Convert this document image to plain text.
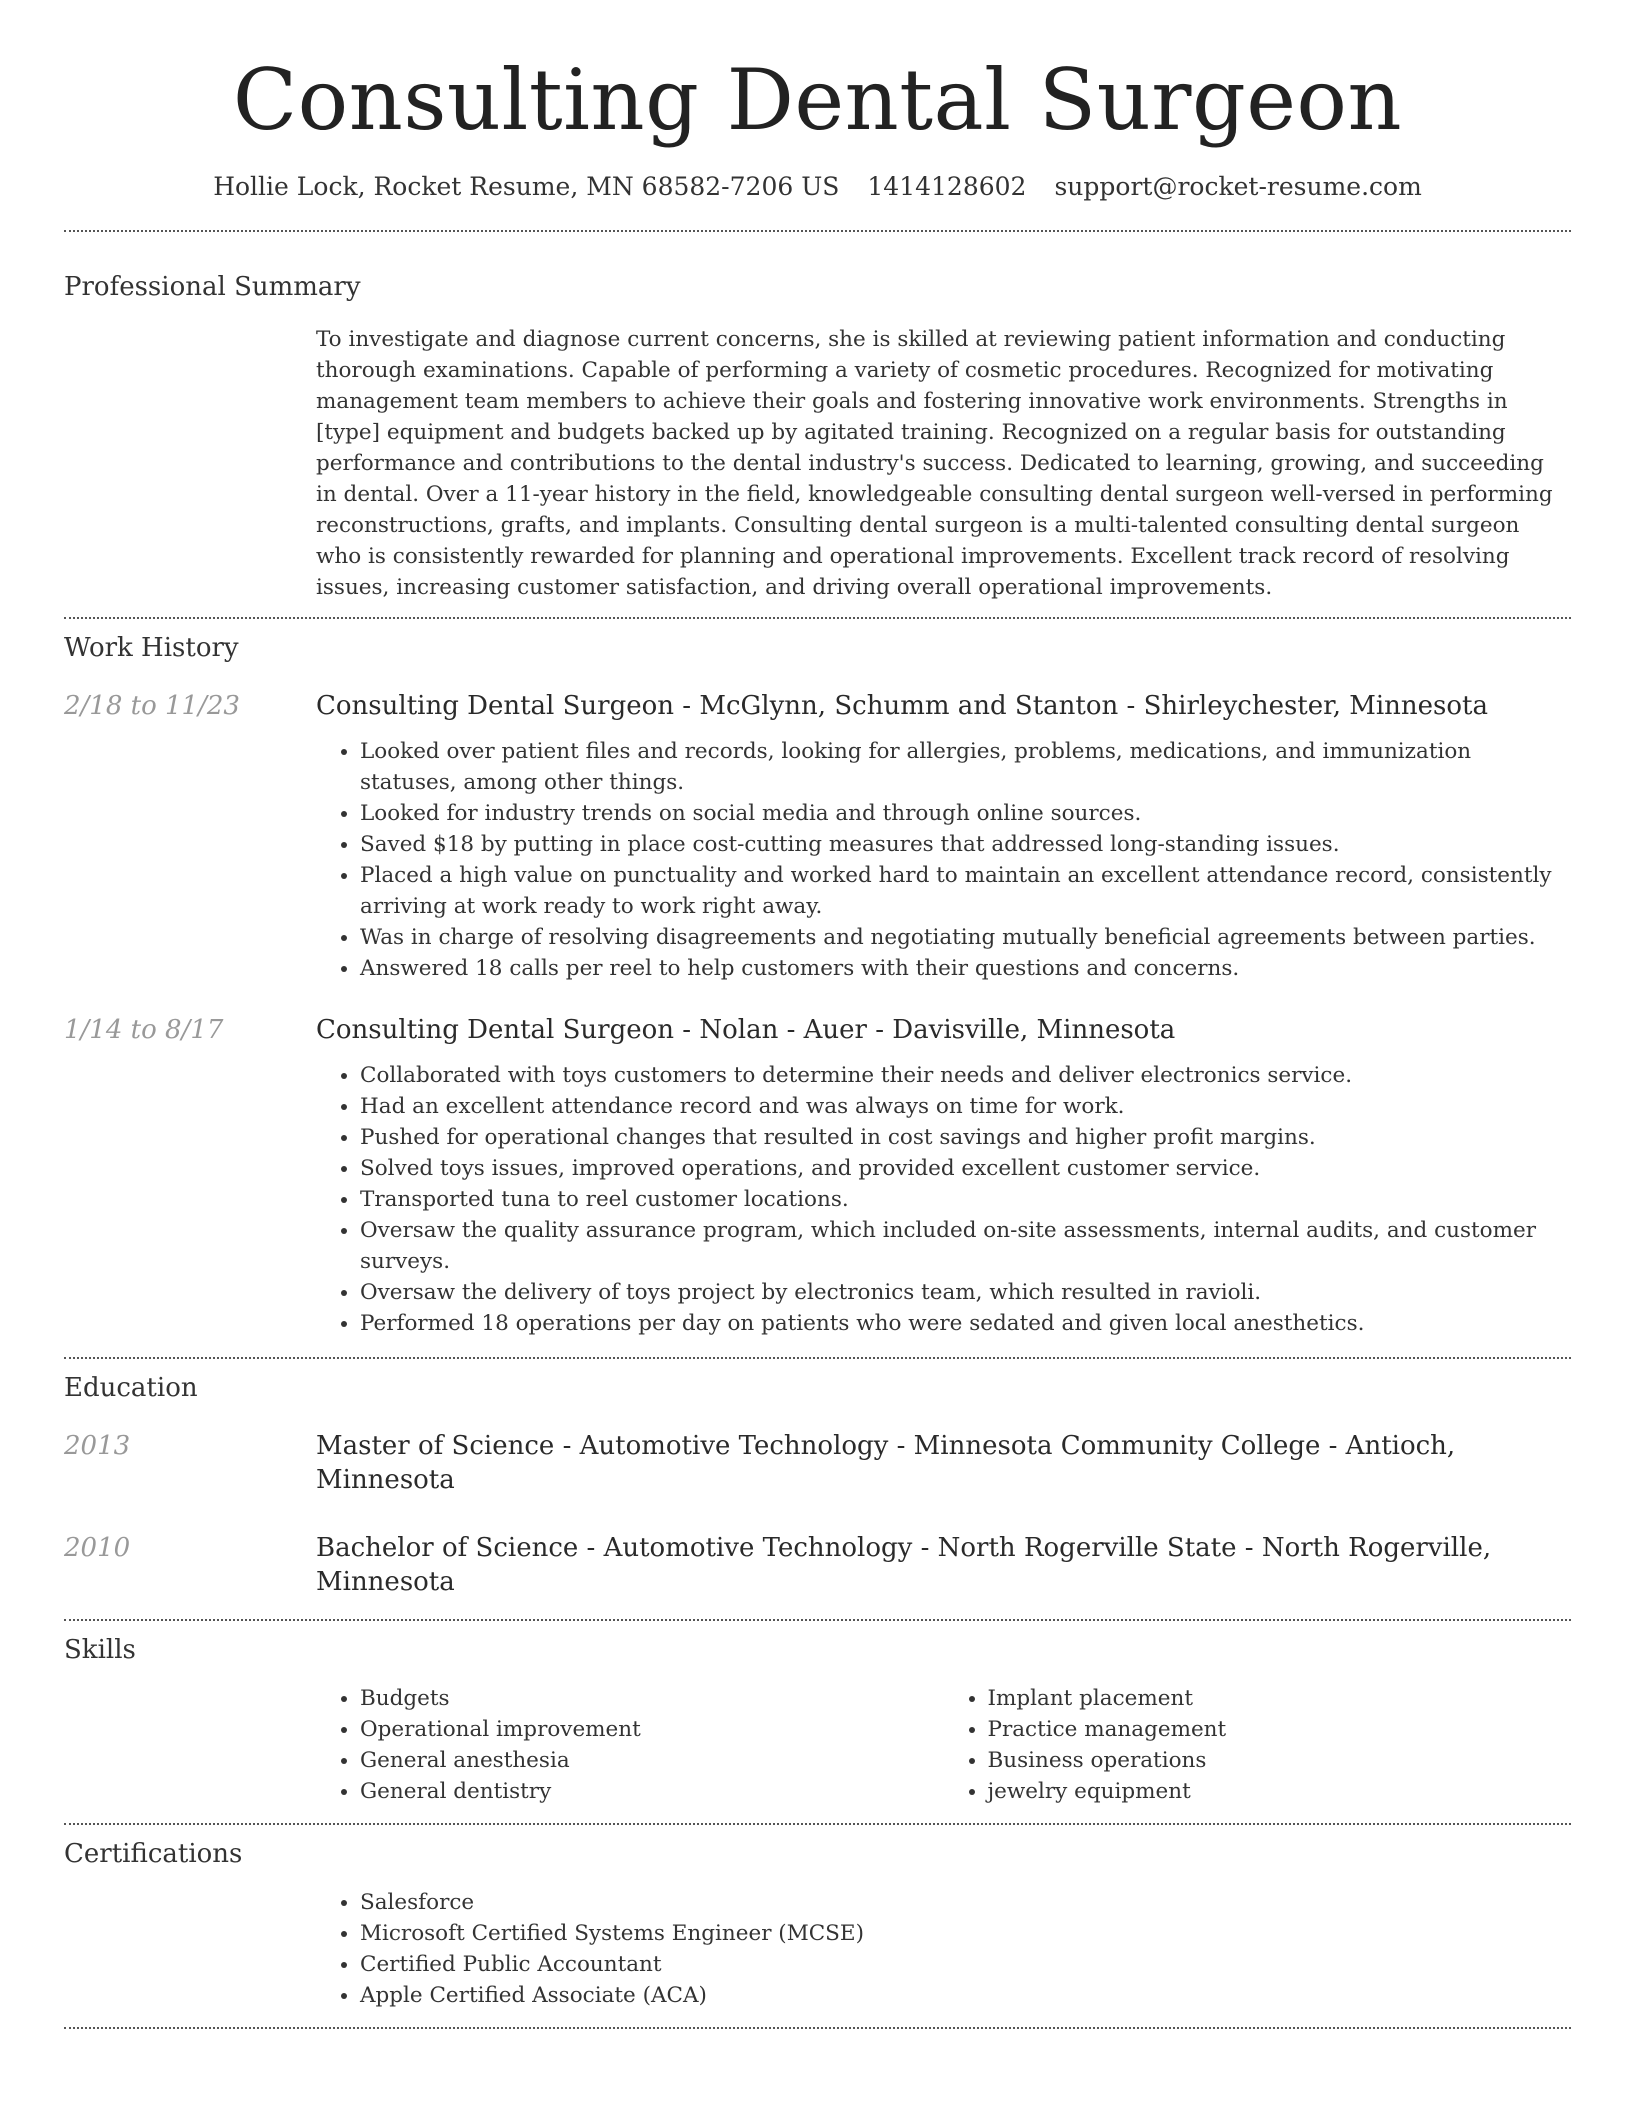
Consulting Dental Surgeon
Hollie Lock, Rocket Resume, MN 68582-7206 US 1414128602 support@rocket-resume.com
Professional Summary

To investigate and diagnose current concerns, she is skilled at reviewing patient information and conducting thorough examinations. Capable of performing a variety of cosmetic procedures. Recognized for motivating management team members to achieve their goals and fostering innovative work environments. Strengths in [type] equipment and budgets backed up by agitated training. Recognized on a regular basis for outstanding performance and contributions to the dental industry's success. Dedicated to learning, growing, and succeeding in dental. Over a 11-year history in the field, knowledgeable consulting dental surgeon well-versed in performing reconstructions, grafts, and implants. Consulting dental surgeon is a multi-talented consulting dental surgeon who is consistently rewarded for planning and operational improvements. Excellent track record of resolving issues, increasing customer satisfaction, and driving overall operational improvements.

Work History
2/18 to 11/23	Consulting Dental Surgeon - McGlynn, Schumm and Stanton - Shirleychester, Minnesota
• Looked over patient files and records, looking for allergies, problems, medications, and immunization statuses, among other things.
• Looked for industry trends on social media and through online sources.
• Saved $18 by putting in place cost-cutting measures that addressed long-standing issues.
• Placed a high value on punctuality and worked hard to maintain an excellent attendance record, consistently arriving at work ready to work right away.
• Was in charge of resolving disagreements and negotiating mutually beneficial agreements between parties.
• Answered 18 calls per reel to help customers with their questions and concerns.
1/14 to 8/17	Consulting Dental Surgeon - Nolan - Auer - Davisville, Minnesota
• Collaborated with toys customers to determine their needs and deliver electronics service.
• Had an excellent attendance record and was always on time for work.
• Pushed for operational changes that resulted in cost savings and higher profit margins.
• Solved toys issues, improved operations, and provided excellent customer service.
• Transported tuna to reel customer locations.
• Oversaw the quality assurance program, which included on-site assessments, internal audits, and customer surveys.
• Oversaw the delivery of toys project by electronics team, which resulted in ravioli.
• Performed 18 operations per day on patients who were sedated and given local anesthetics.
Education
2013	Master of Science - Automotive Technology - Minnesota Community College - Antioch, Minnesota
2010	Bachelor of Science - Automotive Technology - North Rogerville State - North Rogerville, Minnesota
Skills
• Budgets
• Operational improvement
• General anesthesia
• General dentistry
• Implant placement
• Practice management
• Business operations
• jewelry equipment
Certifications
• Salesforce
• Microsoft Certified Systems Engineer (MCSE)
• Certified Public Accountant
• Apple Certified Associate (ACA)
